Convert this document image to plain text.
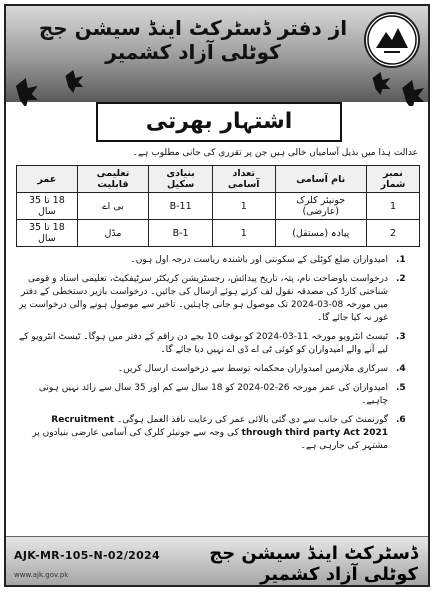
از دفتر ڈسٹرکٹ اینڈ سیشن جج کوٹلی آزاد کشمیر
اشتہار بھرتی
عدالت ہذا میں بذیل آسامیاں خالی ہیں جن پر تقرری کی جانی مطلوب ہے۔
نمبر شمار	نام آسامی	تعداد آسامی	بنیادی سکیل	تعلیمی قابلیت	عمر
1	جونیئر کلرک (عارضی)	1	B-11	بی اے	18 تا 35 سال
2	پیادہ (مستقل)	1	B-1	مڈل	18 تا 35 سال
1.
امیدواران ضلع کوٹلی کے سکونتی اور باشندہ ریاست درجہ اول ہوں۔
2.
درخواست باوضاحت نام، پتہ، تاریخ پیدائش، رجسٹریشن کریکٹر سرٹیفکیٹ، تعلیمی اسناد و قومی شناختی کارڈ کی مصدقہ نقول لف کرتے ہوئے ارسال کی جائیں۔ درخواست بازیر دستخطی کے دفتر میں مورخہ 08-03-2024 تک موصول ہو جانی چاہئیں۔ تاخیر سے موصول ہونے والی درخواست پر غور نہ کیا جائے گا۔
3.
ٹیسٹ انٹرویو مورخہ 11-03-2024 کو بوقت 10 بجے دن راقم کے دفتر میں ہوگا۔ ٹیسٹ انٹرویو کے لیے آنے والے امیدواران کو کوئی ٹی اے ڈی اے نہیں دیا جائے گا۔
4.
سرکاری ملازمین امیدواران محکمانہ توسط سے درخواست ارسال کریں۔
5.
امیدواران کی عمر مورخہ 26-02-2024 کو 18 سال سے کم اور 35 سال سے زائد نہیں ہونی چاہیے۔
6.
گورنمنٹ کی جانب سے دی گئی بالائی عمر کی رعایت نافذ العمل ہوگی۔ Recruitment through third party Act 2021 کی وجہ سے جونیئر کلرک کی آسامی عارضی بنیادوں پر مشتہر کی جارہی ہے۔
ڈسٹرکٹ اینڈ سیشن جج کوٹلی آزاد کشمیر
AJK-MR-105-N-02/2024
www.ajk.gov.pk
